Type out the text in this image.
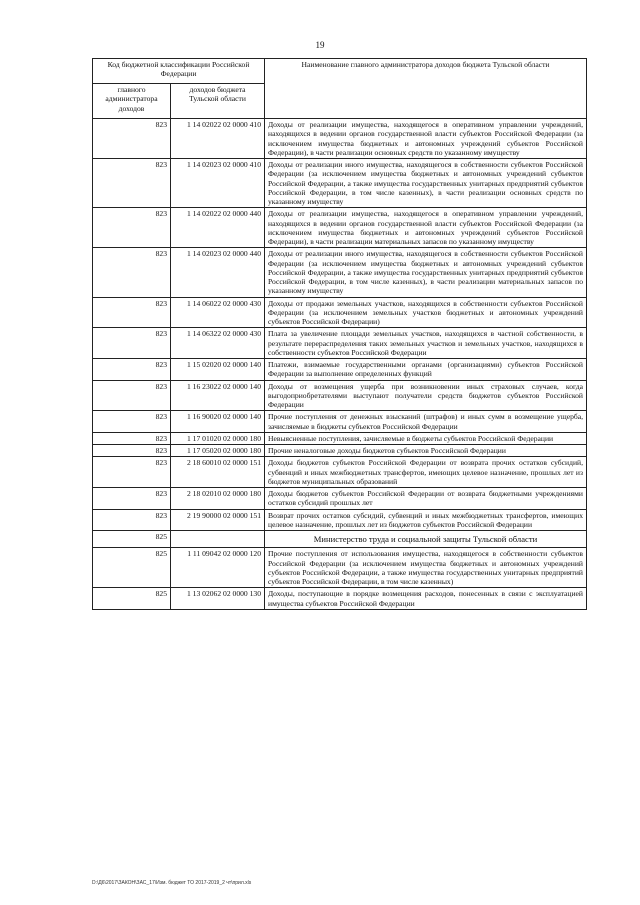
19
Код бюджетной классификации Российской Федерации		Наименование главного администратора доходов бюджета Тульской области
главного администратора доходов	доходов бюджета Тульской области	
823	1 14 02022 02 0000 410	Доходы от реализации имущества, находящегося в оперативном управлении учреждений, находящихся в ведении органов государственной власти субъектов Российской Федерации (за исключением имущества бюджетных и автономных учреждений субъектов Российской Федерации), в части реализации основных средств по указанному имуществу
823	1 14 02023 02 0000 410	Доходы от реализации иного имущества, находящегося в собственности субъектов Российской Федерации (за исключением имущества бюджетных и автономных учреждений субъектов Российской Федерации, а также имущества государственных унитарных предприятий субъектов Российской Федерации, в том числе казенных), в части реализации основных средств по указанному имуществу
823	1 14 02022 02 0000 440	Доходы от реализации имущества, находящегося в оперативном управлении учреждений, находящихся в ведении органов государственной власти субъектов Российской Федерации (за исключением имущества бюджетных и автономных учреждений субъектов Российской Федерации), в части реализации материальных запасов по указанному имуществу
823	1 14 02023 02 0000 440	Доходы от реализации иного имущества, находящегося в собственности субъектов Российской Федерации (за исключением имущества бюджетных и автономных учреждений субъектов Российской Федерации, а также имущества государственных унитарных предприятий субъектов Российской Федерации, в том числе казенных), в части реализации материальных запасов по указанному имуществу
823	1 14 06022 02 0000 430	Доходы от продажи земельных участков, находящихся в собственности субъектов Российской Федерации (за исключением земельных участков бюджетных и автономных учреждений субъектов Российской Федерации)
823	1 14 06322 02 0000 430	Плата за увеличение площади земельных участков, находящихся в частной собственности, в результате перераспределения таких земельных участков и земельных участков, находящихся в собственности субъектов Российской Федерации
823	1 15 02020 02 0000 140	Платежи, взимаемые государственными органами (организациями) субъектов Российской Федерации за выполнение определенных функций
823	1 16 23022 02 0000 140	Доходы от возмещения ущерба при возникновении иных страховых случаев, когда выгодоприобретателями выступают получатели средств бюджетов субъектов Российской Федерации
823	1 16 90020 02 0000 140	Прочие поступления от денежных взысканий (штрафов) и иных сумм в возмещение ущерба, зачисляемые в бюджеты субъектов Российской Федерации
823	1 17 01020 02 0000 180	Невыясненные поступления, зачисляемые в бюджеты субъектов Российской Федерации
823	1 17 05020 02 0000 180	Прочие неналоговые доходы бюджетов субъектов Российской Федерации
823	2 18 60010 02 0000 151	Доходы бюджетов субъектов Российской Федерации от возврата прочих остатков субсидий, субвенций и иных межбюджетных трансфертов, имеющих целевое назначение, прошлых лет из бюджетов муниципальных образований
823	2 18 02010 02 0000 180	Доходы бюджетов субъектов Российской Федерации от возврата бюджетными учреждениями остатков субсидий прошлых лет
823	2 19 90000 02 0000 151	Возврат прочих остатков субсидий, субвенций и иных межбюджетных трансфертов, имеющих целевое назначение, прошлых лет из бюджетов субъектов Российской Федерации
825		Министерство труда и социальной защиты Тульской области
825	1 11 09042 02 0000 120	Прочие поступления от использования имущества, находящегося в собственности субъектов Российской Федерации (за исключением имущества бюджетных и автономных учреждений субъектов Российской Федерации, а также имущества государственных унитарных предприятий субъектов Российской Федерации, в том числе казенных)
825	1 13 02062 02 0000 130	Доходы, поступающие в порядке возмещения расходов, понесенных в связи с эксплуатацией имущества субъектов Российской Федерации
D:\Д6\2017\ЗАКОН\ЗАС_17\Изм. бюджет ТО 2017-2019_2 чт\прил.xls
